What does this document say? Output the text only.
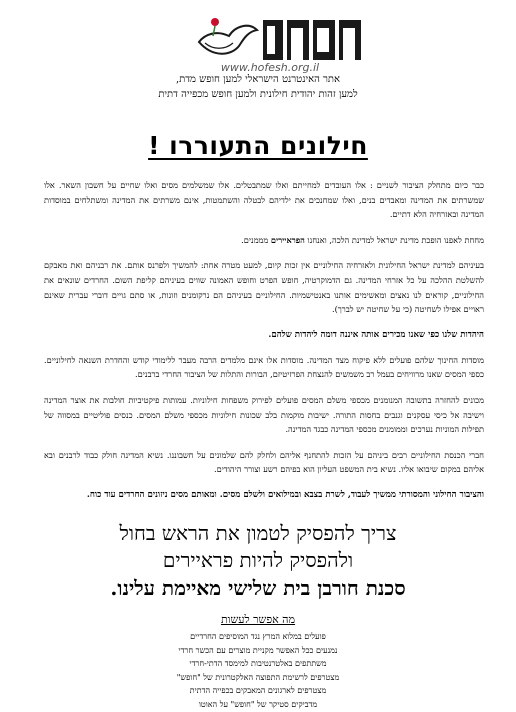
www.hofesh.org.il
אתר האינטרנט הישראלי למען חופש מדת,
למען זהות יהודית חילונית ולמען חופש מכפייה דתית
חילונים התעוררו !

כבר כיום מתחלק הציבור לשניים : אלו העובדים למחייתם ואלו שמתבטלים. אלו שמשלמים מסים ואלו שחיים על חשבון השאר. אלו שמשרתים את המדינה ומאבדים בנים, ואלו שמחנכים את ילדיהם לבטלה והשתמטות, אינם משרתים את המדינה ומשתלחים במוסדות המדינה ובאזרחיה הלא דתיים.

מחחת לאפנו הופכת מדינת ישראל למדינת הלכה, ואנחנו הפראיירים מממנים.

בעיניהם למדינת ישראל החילונית ולאזרחיה החילוניים אין זכות קיום, למעט מטרה אחת: להמשיך ולפרנס אותם. את רבניהם ואת מאבקם להשלטת ההלכה על כל אזרחי המדינה. גם הדמוקרטיה, חופש הפרט וחופש האמונה שווים בעיניהם קליפת השום. החרדים שונאים את החילוניים, קוראים לנו נאצים ומאשימים אותנו באנטישמיות. החילוניים בעיניהם הם נרקומנים וזונות, או סתם גויים דוברי עברית שאינם ראויים אפילו לשחיטה (כי על שחיטה יש לברך).

היהדות שלנו כפי שאנו מכירים אותה איננה דומה ליהדות שלהם.

מוסדות החינוך שלהם פועלים ללא פיקוח מצד המדינה. מוסדות אלו אינם מלמדים הרבה מעבר ללימודי קודש והחדרת השנאה לחילוניים. כספי המסים שאנו מרוויחים בעמל רב משמשים להנצחת הפרזיטיזם, הבורות והתלות של הציבור החרדי ברבנים.

מכונים להחזרה בתשובה המנומנים מכספי משלם המסים פועלים לפירוק משפחות חילוניות. עמותות פיקטיביות חולבות את אוצר המדינה וישיבה אל כיסי עסקנים וגנבים בחסות התורה. ישיבות מוקמות בלב שכונות חילוניות מכספי משלם המסים. כנסים פוליטיים במסווה של תפילות המוניות נערכים וממומנים מכספי המדינה כבגד המדינה.

חברי הכנסת החילוניים רבים ביניהם על הזכות להתחנף אליהם ולחלק להם שלמונים על חשבוננו. נשיא המדינה חולק כבוד לרבנים ובא אליהם במקום שיבואו אליו. נשיא בית המשפט העליון הוא בפיהם רשע וצורר היהודים.

והציבור החילוני והמסורתי ממשיך לעבוד, לשרת בצבא ובמילואים ולשלם מסים. ומאותם מסים ניזונים החרדים עוד כוח.

צריך להפסיק לטמון את הראש בחול
ולהפסיק להיות פראיירים
סכנת חורבן בית שלישי מאיימת עלינו.
מה אפשר לעשות
פועלים במלוא המרץ נגד המוסיפים החרדיים
נמנעים ככל האפשר מקניית מוצרים עם הכשר חרדי
משתתפים באלטרנטיבות למימסד הדתי-חרדי
מצטרפים לרשימת התפוצה האלקטרונית של "חופש"
מצטרפים לארגונים המאבקים בכפייה הדתית
מדביקים סטיקר של "חופש" על האוטו
